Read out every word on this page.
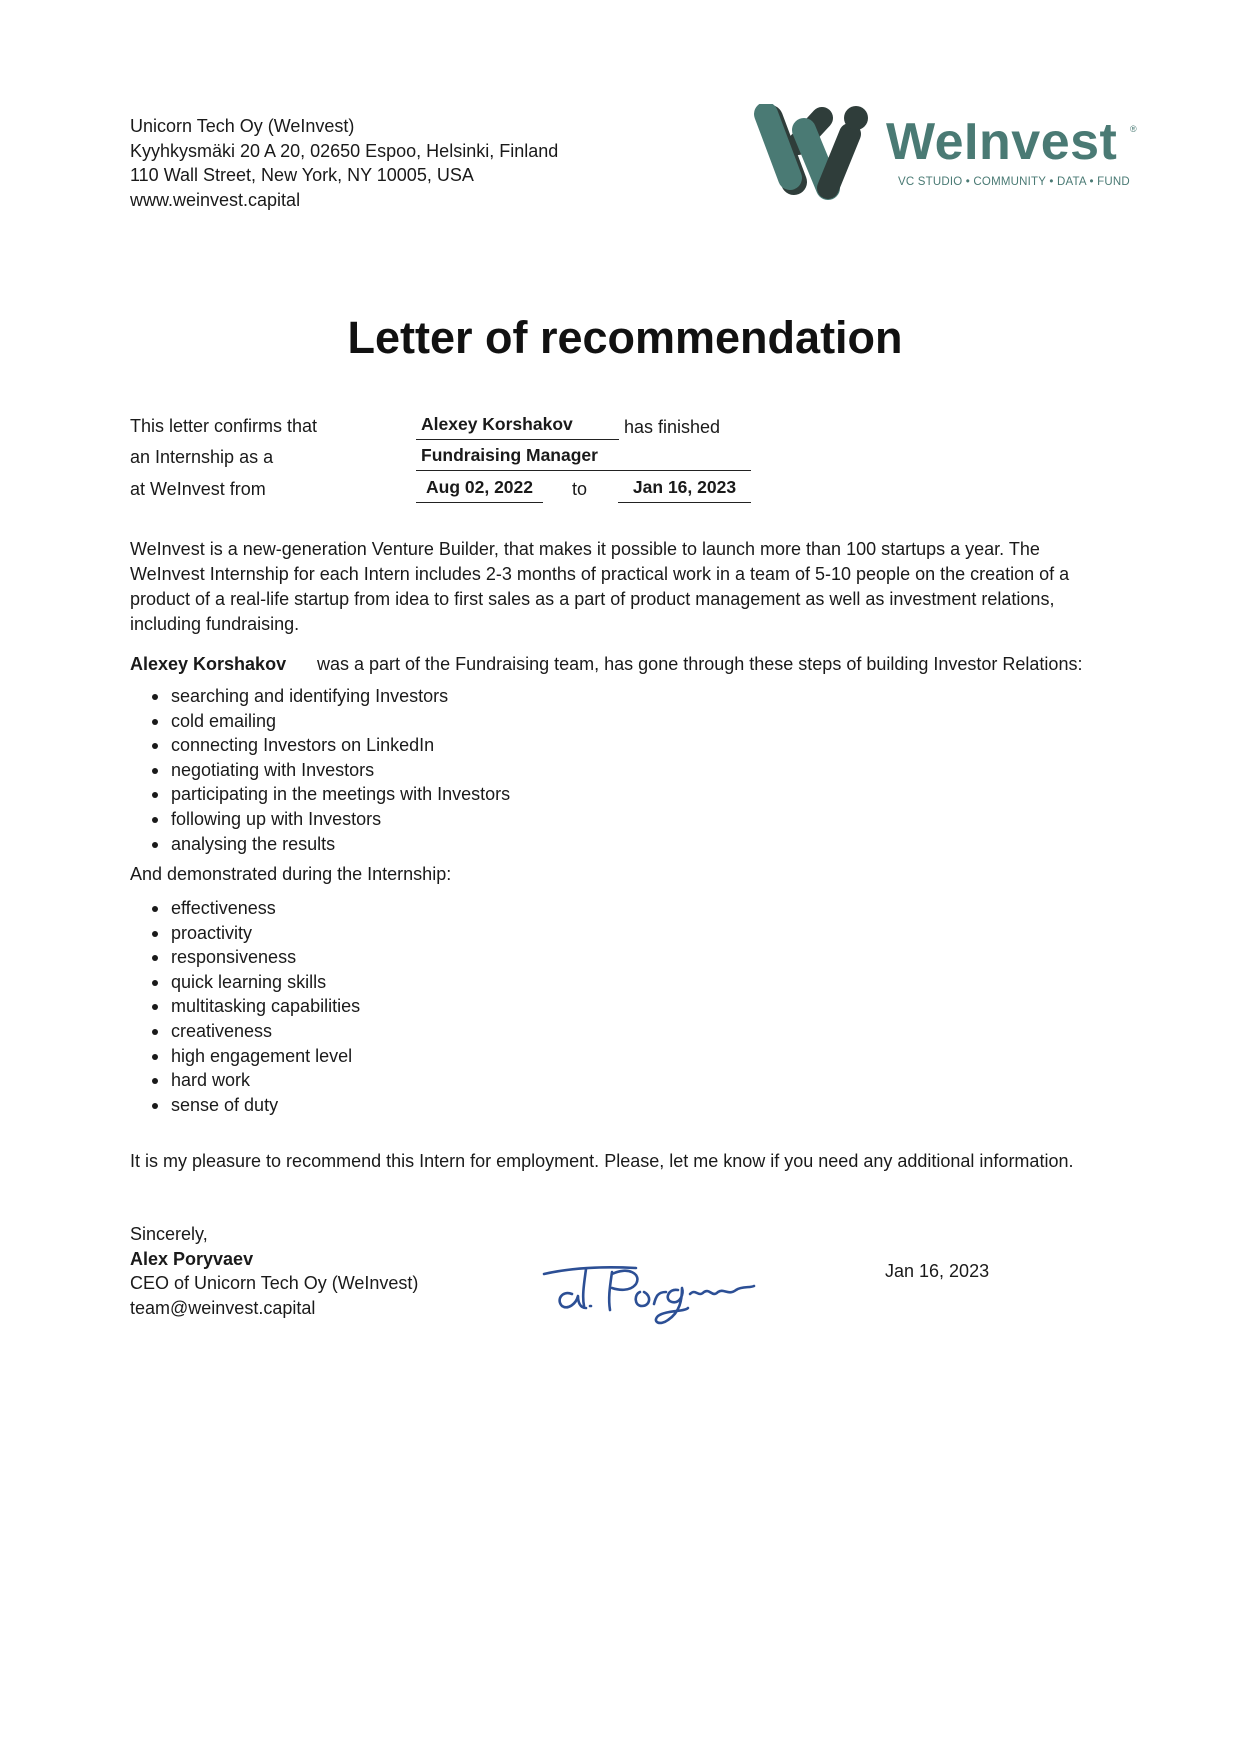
Unicorn Tech Oy (WeInvest)
Kyyhkysmäki 20 A 20, 02650 Espoo, Helsinki, Finland
110 Wall Street, New York, NY 10005, USA
www.weinvest.capital
WeInvest ®
VC STUDIO • COMMUNITY • DATA • FUND
Letter of recommendation
This letter confirms that	Alexey Korshakov	has finished
an Internship as a	Fundraising Manager
at WeInvest from	Aug 02, 2022	to	Jan 16, 2023
WeInvest is a new-generation Venture Builder, that makes it possible to launch more than 100 startups a year. The WeInvest Internship for each Intern includes 2-3 months of practical work in a team of 5-10 people on the creation of a product of a real-life startup from idea to first sales as a part of product management as well as investment relations, including fundraising.
Alexey Korshakov was a part of the Fundraising team, has gone through these steps of building Investor Relations:
searching and identifying Investors
cold emailing
connecting Investors on LinkedIn
negotiating with Investors
participating in the meetings with Investors
following up with Investors
analysing the results
And demonstrated during the Internship:
effectiveness
proactivity
responsiveness
quick learning skills
multitasking capabilities
creativeness
high engagement level
hard work
sense of duty
It is my pleasure to recommend this Intern for employment. Please, let me know if you need any additional information.
Sincerely,
Alex Poryvaev
CEO of Unicorn Tech Oy (WeInvest)
team@weinvest.capital
Jan 16, 2023
